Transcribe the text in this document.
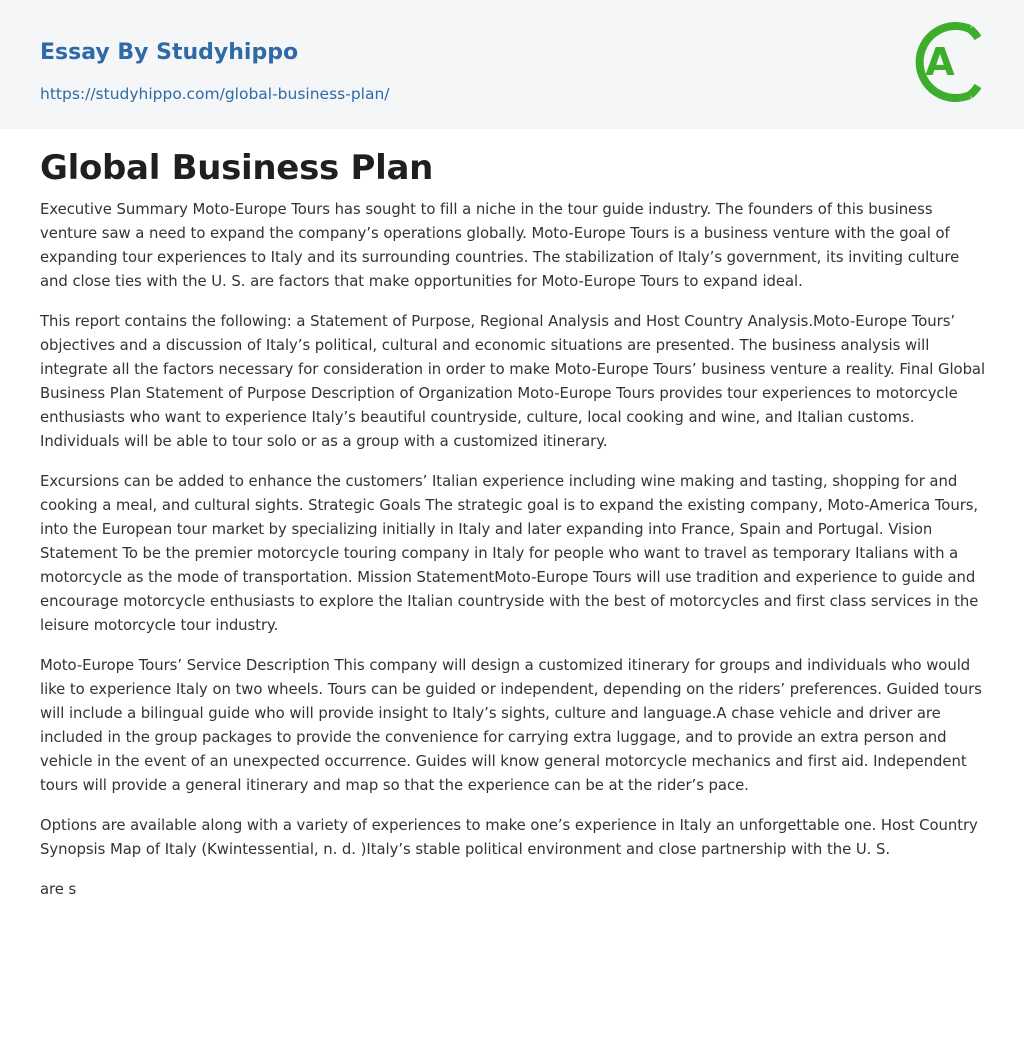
Essay By Studyhippo
https://studyhippo.com/global-business-plan/
A
Global Business Plan

Executive Summary Moto-Europe Tours has sought to fill a niche in the tour guide industry. The founders of this business venture saw a need to expand the company’s operations globally. Moto-Europe Tours is a business venture with the goal of expanding tour experiences to Italy and its surrounding countries. The stabilization of Italy’s government, its inviting culture and close ties with the U. S. are factors that make opportunities for Moto-Europe Tours to expand ideal.

This report contains the following: a Statement of Purpose, Regional Analysis and Host Country Analysis.Moto-Europe Tours’ objectives and a discussion of Italy’s political, cultural and economic situations are presented. The business analysis will integrate all the factors necessary for consideration in order to make Moto-Europe Tours’ business venture a reality. Final Global Business Plan Statement of Purpose Description of Organization Moto-Europe Tours provides tour experiences to motorcycle enthusiasts who want to experience Italy’s beautiful countryside, culture, local cooking and wine, and Italian customs. Individuals will be able to tour solo or as a group with a customized itinerary.

Excursions can be added to enhance the customers’ Italian experience including wine making and tasting, shopping for and cooking a meal, and cultural sights. Strategic Goals The strategic goal is to expand the existing company, Moto-America Tours, into the European tour market by specializing initially in Italy and later expanding into France, Spain and Portugal. Vision Statement To be the premier motorcycle touring company in Italy for people who want to travel as temporary Italians with a motorcycle as the mode of transportation. Mission StatementMoto-Europe Tours will use tradition and experience to guide and encourage motorcycle enthusiasts to explore the Italian countryside with the best of motorcycles and first class services in the leisure motorcycle tour industry.

Moto-Europe Tours’ Service Description This company will design a customized itinerary for groups and individuals who would like to experience Italy on two wheels. Tours can be guided or independent, depending on the riders’ preferences. Guided tours will include a bilingual guide who will provide insight to Italy’s sights, culture and language.A chase vehicle and driver are included in the group packages to provide the convenience for carrying extra luggage, and to provide an extra person and vehicle in the event of an unexpected occurrence. Guides will know general motorcycle mechanics and first aid. Independent tours will provide a general itinerary and map so that the experience can be at the rider’s pace.

Options are available along with a variety of experiences to make one’s experience in Italy an unforgettable one. Host Country Synopsis Map of Italy (Kwintessential, n. d. )Italy’s stable political environment and close partnership with the U. S.

are s
